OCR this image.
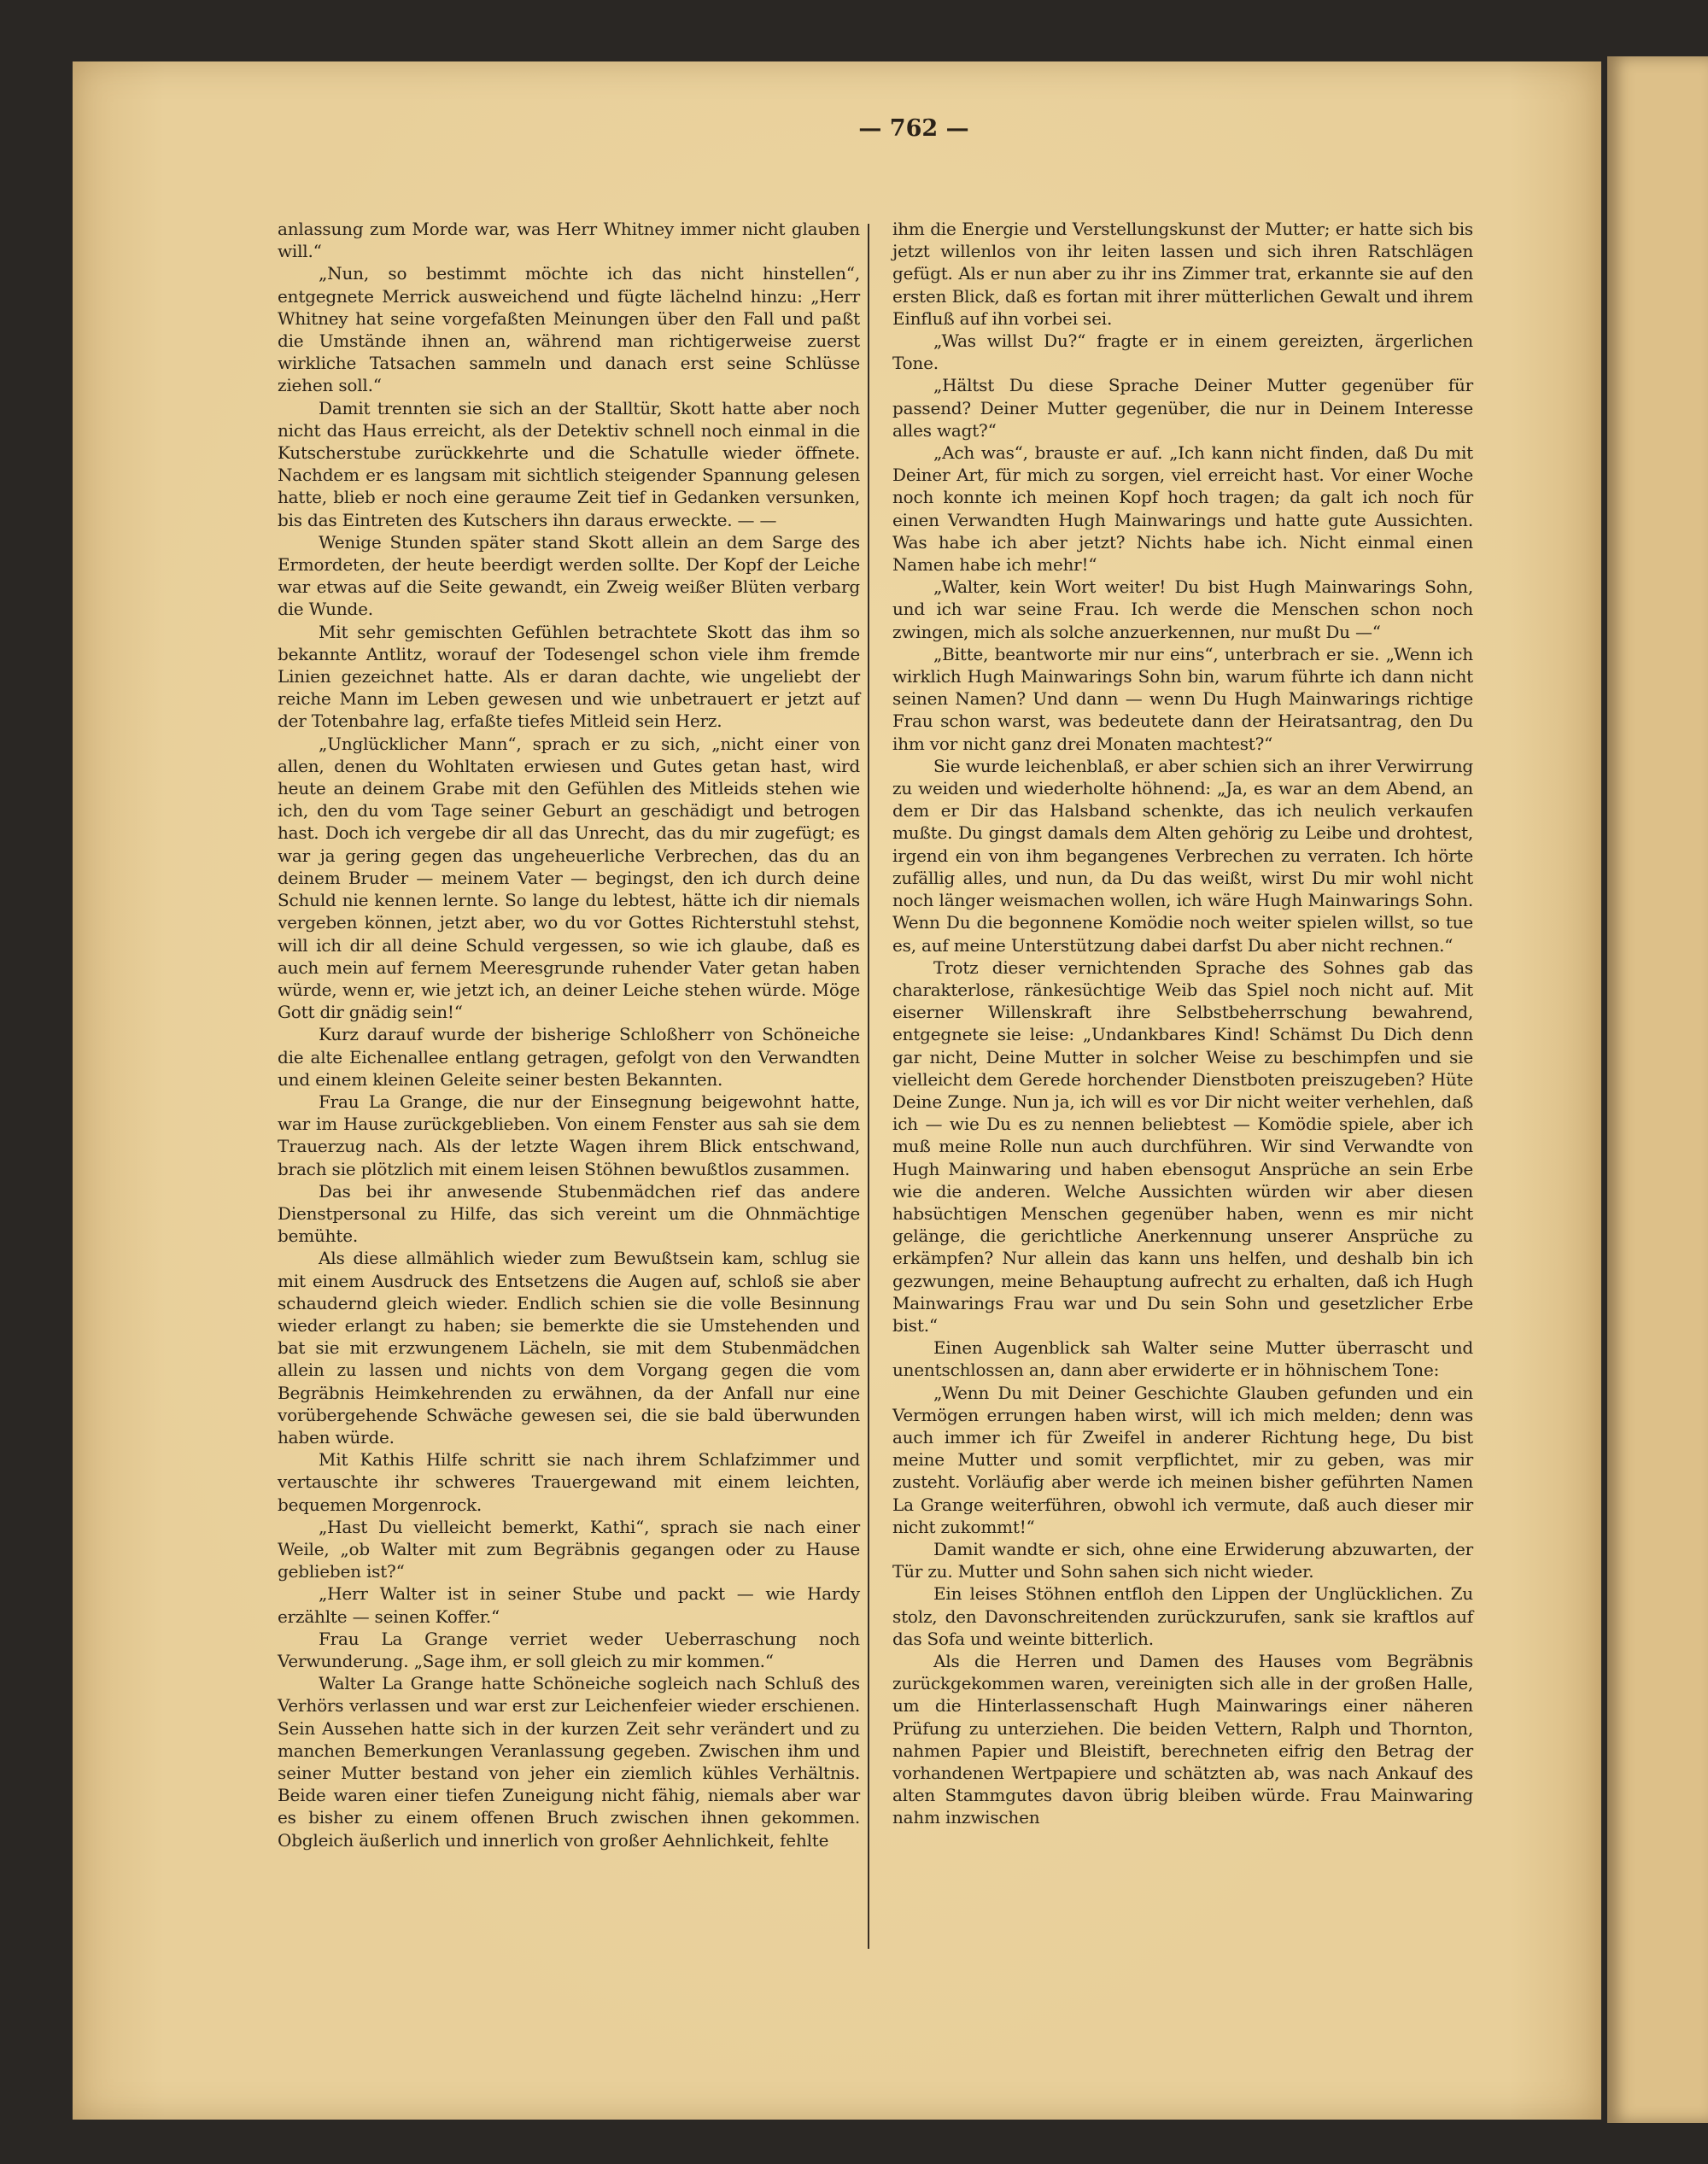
— 762 —

anlassung zum Morde war, was Herr Whitney immer nicht glauben will.“

„Nun, so bestimmt möchte ich das nicht hinstellen“, entgegnete Merrick ausweichend und fügte lächelnd hinzu: „Herr Whitney hat seine vorgefaßten Meinungen über den Fall und paßt die Umstände ihnen an, während man richtigerweise zuerst wirkliche Tatsachen sammeln und danach erst seine Schlüsse ziehen soll.“

Damit trennten sie sich an der Stalltür, Skott hatte aber noch nicht das Haus erreicht, als der Detektiv schnell noch einmal in die Kutscherstube zurückkehrte und die Schatulle wieder öffnete. Nachdem er es langsam mit sichtlich steigender Spannung gelesen hatte, blieb er noch eine geraume Zeit tief in Gedanken versunken, bis das Eintreten des Kutschers ihn daraus erweckte. — —

Wenige Stunden später stand Skott allein an dem Sarge des Ermordeten, der heute beerdigt werden sollte. Der Kopf der Leiche war etwas auf die Seite gewandt, ein Zweig weißer Blüten verbarg die Wunde.

Mit sehr gemischten Gefühlen betrachtete Skott das ihm so bekannte Antlitz, worauf der Todesengel schon viele ihm fremde Linien gezeichnet hatte. Als er daran dachte, wie ungeliebt der reiche Mann im Leben gewesen und wie unbetrauert er jetzt auf der Totenbahre lag, erfaßte tiefes Mitleid sein Herz.

„Unglücklicher Mann“, sprach er zu sich, „nicht einer von allen, denen du Wohltaten erwiesen und Gutes getan hast, wird heute an deinem Grabe mit den Gefühlen des Mitleids stehen wie ich, den du vom Tage seiner Geburt an geschädigt und betrogen hast. Doch ich vergebe dir all das Unrecht, das du mir zugefügt; es war ja gering gegen das ungeheuerliche Verbrechen, das du an deinem Bruder — meinem Vater — begingst, den ich durch deine Schuld nie kennen lernte. So lange du lebtest, hätte ich dir niemals vergeben können, jetzt aber, wo du vor Gottes Richterstuhl stehst, will ich dir all deine Schuld vergessen, so wie ich glaube, daß es auch mein auf fernem Meeresgrunde ruhender Vater getan haben würde, wenn er, wie jetzt ich, an deiner Leiche stehen würde. Möge Gott dir gnädig sein!“

Kurz darauf wurde der bisherige Schloßherr von Schöneiche die alte Eichenallee entlang getragen, gefolgt von den Verwandten und einem kleinen Geleite seiner besten Bekannten.

Frau La Grange, die nur der Einsegnung beigewohnt hatte, war im Hause zurückgeblieben. Von einem Fenster aus sah sie dem Trauerzug nach. Als der letzte Wagen ihrem Blick entschwand, brach sie plötzlich mit einem leisen Stöhnen bewußtlos zusammen.

Das bei ihr anwesende Stubenmädchen rief das andere Dienstpersonal zu Hilfe, das sich vereint um die Ohnmächtige bemühte.

Als diese allmählich wieder zum Bewußtsein kam, schlug sie mit einem Ausdruck des Entsetzens die Augen auf, schloß sie aber schaudernd gleich wieder. Endlich schien sie die volle Besinnung wieder erlangt zu haben; sie bemerkte die sie Umstehenden und bat sie mit erzwungenem Lächeln, sie mit dem Stubenmädchen allein zu lassen und nichts von dem Vorgang gegen die vom Begräbnis Heimkehrenden zu erwähnen, da der Anfall nur eine vorübergehende Schwäche gewesen sei, die sie bald überwunden haben würde.

Mit Kathis Hilfe schritt sie nach ihrem Schlafzimmer und vertauschte ihr schweres Trauergewand mit einem leichten, bequemen Morgenrock.

„Hast Du vielleicht bemerkt, Kathi“, sprach sie nach einer Weile, „ob Walter mit zum Begräbnis gegangen oder zu Hause geblieben ist?“

„Herr Walter ist in seiner Stube und packt — wie Hardy erzählte — seinen Koffer.“

Frau La Grange verriet weder Ueberraschung noch Verwunderung. „Sage ihm, er soll gleich zu mir kommen.“

Walter La Grange hatte Schöneiche sogleich nach Schluß des Verhörs verlassen und war erst zur Leichenfeier wieder erschienen. Sein Aussehen hatte sich in der kurzen Zeit sehr verändert und zu manchen Bemerkungen Veranlassung gegeben. Zwischen ihm und seiner Mutter bestand von jeher ein ziemlich kühles Verhältnis. Beide waren einer tiefen Zuneigung nicht fähig, niemals aber war es bisher zu einem offenen Bruch zwischen ihnen gekommen. Obgleich äußerlich und innerlich von großer Aehnlichkeit, fehlte

ihm die Energie und Verstellungskunst der Mutter; er hatte sich bis jetzt willenlos von ihr leiten lassen und sich ihren Ratschlägen gefügt. Als er nun aber zu ihr ins Zimmer trat, erkannte sie auf den ersten Blick, daß es fortan mit ihrer mütterlichen Gewalt und ihrem Einfluß auf ihn vorbei sei.

„Was willst Du?“ fragte er in einem gereizten, ärgerlichen Tone.

„Hältst Du diese Sprache Deiner Mutter gegenüber für passend? Deiner Mutter gegenüber, die nur in Deinem Interesse alles wagt?“

„Ach was“, brauste er auf. „Ich kann nicht finden, daß Du mit Deiner Art, für mich zu sorgen, viel erreicht hast. Vor einer Woche noch konnte ich meinen Kopf hoch tragen; da galt ich noch für einen Verwandten Hugh Mainwarings und hatte gute Aussichten. Was habe ich aber jetzt? Nichts habe ich. Nicht einmal einen Namen habe ich mehr!“

„Walter, kein Wort weiter! Du bist Hugh Mainwarings Sohn, und ich war seine Frau. Ich werde die Menschen schon noch zwingen, mich als solche anzuerkennen, nur mußt Du —“

„Bitte, beantworte mir nur eins“, unterbrach er sie. „Wenn ich wirklich Hugh Mainwarings Sohn bin, warum führte ich dann nicht seinen Namen? Und dann — wenn Du Hugh Mainwarings richtige Frau schon warst, was bedeutete dann der Heiratsantrag, den Du ihm vor nicht ganz drei Monaten machtest?“

Sie wurde leichenblaß, er aber schien sich an ihrer Verwirrung zu weiden und wiederholte höhnend: „Ja, es war an dem Abend, an dem er Dir das Halsband schenkte, das ich neulich verkaufen mußte. Du gingst damals dem Alten gehörig zu Leibe und drohtest, irgend ein von ihm begangenes Verbrechen zu verraten. Ich hörte zufällig alles, und nun, da Du das weißt, wirst Du mir wohl nicht noch länger weismachen wollen, ich wäre Hugh Mainwarings Sohn. Wenn Du die begonnene Komödie noch weiter spielen willst, so tue es, auf meine Unterstützung dabei darfst Du aber nicht rechnen.“

Trotz dieser vernichtenden Sprache des Sohnes gab das charakterlose, ränkesüchtige Weib das Spiel noch nicht auf. Mit eiserner Willenskraft ihre Selbstbeherrschung bewahrend, entgegnete sie leise: „Undankbares Kind! Schämst Du Dich denn gar nicht, Deine Mutter in solcher Weise zu beschimpfen und sie vielleicht dem Gerede horchender Dienstboten preiszugeben? Hüte Deine Zunge. Nun ja, ich will es vor Dir nicht weiter verhehlen, daß ich — wie Du es zu nennen beliebtest — Komödie spiele, aber ich muß meine Rolle nun auch durchführen. Wir sind Verwandte von Hugh Mainwaring und haben ebensogut Ansprüche an sein Erbe wie die anderen. Welche Aussichten würden wir aber diesen habsüchtigen Menschen gegenüber haben, wenn es mir nicht gelänge, die gerichtliche Anerkennung unserer Ansprüche zu erkämpfen? Nur allein das kann uns helfen, und deshalb bin ich gezwungen, meine Behauptung aufrecht zu erhalten, daß ich Hugh Mainwarings Frau war und Du sein Sohn und gesetzlicher Erbe bist.“

Einen Augenblick sah Walter seine Mutter überrascht und unentschlossen an, dann aber erwiderte er in höhnischem Tone:

„Wenn Du mit Deiner Geschichte Glauben gefunden und ein Vermögen errungen haben wirst, will ich mich melden; denn was auch immer ich für Zweifel in anderer Richtung hege, Du bist meine Mutter und somit verpflichtet, mir zu geben, was mir zusteht. Vorläufig aber werde ich meinen bisher geführten Namen La Grange weiterführen, obwohl ich vermute, daß auch dieser mir nicht zukommt!“

Damit wandte er sich, ohne eine Erwiderung abzuwarten, der Tür zu. Mutter und Sohn sahen sich nicht wieder.

Ein leises Stöhnen entfloh den Lippen der Unglücklichen. Zu stolz, den Davonschreitenden zurückzurufen, sank sie kraftlos auf das Sofa und weinte bitterlich.

Als die Herren und Damen des Hauses vom Begräbnis zurückgekommen waren, vereinigten sich alle in der großen Halle, um die Hinterlassenschaft Hugh Mainwarings einer näheren Prüfung zu unterziehen. Die beiden Vettern, Ralph und Thornton, nahmen Papier und Bleistift, berechneten eifrig den Betrag der vorhandenen Wertpapiere und schätzten ab, was nach Ankauf des alten Stammgutes davon übrig bleiben würde. Frau Mainwaring nahm inzwischen
